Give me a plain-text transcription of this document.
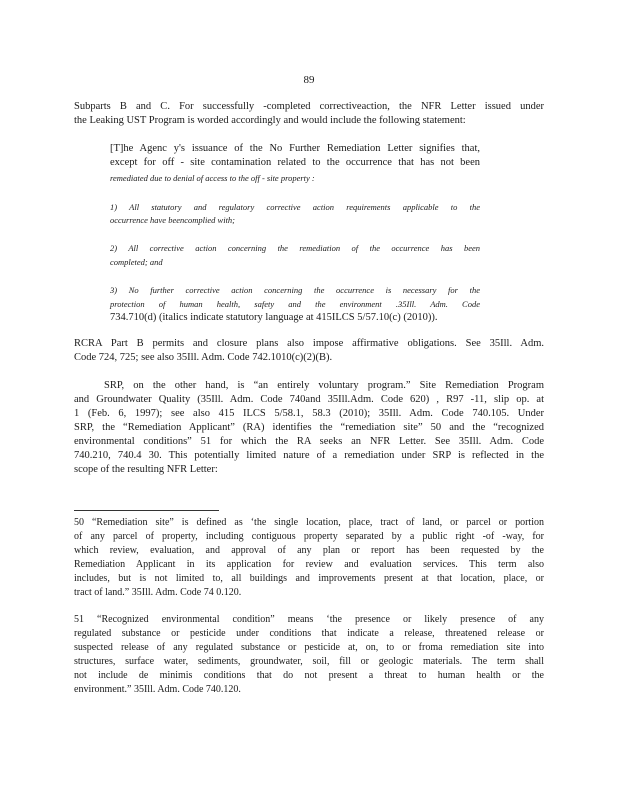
89
Subparts B and C. For successfully -completed correctiveaction, the NFR Letter issued under
the Leaking UST Program is worded accordingly and would include the following statement:
[T]he Agenc y's issuance of the No Further Remediation Letter signifies that,
except for off - site contamination related to the occurrence that has not been
remediated due to denial of access to the off - site property :
1) All statutory and regulatory corrective action requirements applicable to the
occurrence have beencomplied with;
2) All corrective action concerning the remediation of the occurrence has been
completed; and
3) No further corrective action concerning the occurrence is necessary for the
protection of human health, safety and the environment .35Ill. Adm. Code
734.710(d) (italics indicate statutory language at 415ILCS 5/57.10(c) (2010)).
RCRA Part B permits and closure plans also impose affirmative obligations. See 35Ill. Adm.
Code 724, 725; see also 35Ill. Adm. Code 742.1010(c)(2)(B).
SRP, on the other hand, is “an entirely voluntary program.” Site Remediation Program
and Groundwater Quality (35Ill. Adm. Code 740and 35Ill.Adm. Code 620) , R97 -11, slip op. at
1 (Feb. 6, 1997); see also 415 ILCS 5/58.1, 58.3 (2010); 35Ill. Adm. Code 740.105. Under
SRP, the “Remediation Applicant” (RA) identifies the “remediation site” 50 and the “recognized
environmental conditions” 51 for which the RA seeks an NFR Letter. See 35Ill. Adm. Code
740.210, 740.4 30. This potentially limited nature of a remediation under SRP is reflected in the
scope of the resulting NFR Letter:
50 “Remediation site” is defined as ‘the single location, place, tract of land, or parcel or portion
of any parcel of property, including contiguous property separated by a public right -of -way, for
which review, evaluation, and approval of any plan or report has been requested by the
Remediation Applicant in its application for review and evaluation services. This term also
includes, but is not limited to, all buildings and improvements present at that location, place, or
tract of land.” 35Ill. Adm. Code 74 0.120.
51 “Recognized environmental condition” means ‘the presence or likely presence of any
regulated substance or pesticide under conditions that indicate a release, threatened release or
suspected release of any regulated substance or pesticide at, on, to or froma remediation site into
structures, surface water, sediments, groundwater, soil, fill or geologic materials. The term shall
not include de minimis conditions that do not present a threat to human health or the
environment.” 35Ill. Adm. Code 740.120.
